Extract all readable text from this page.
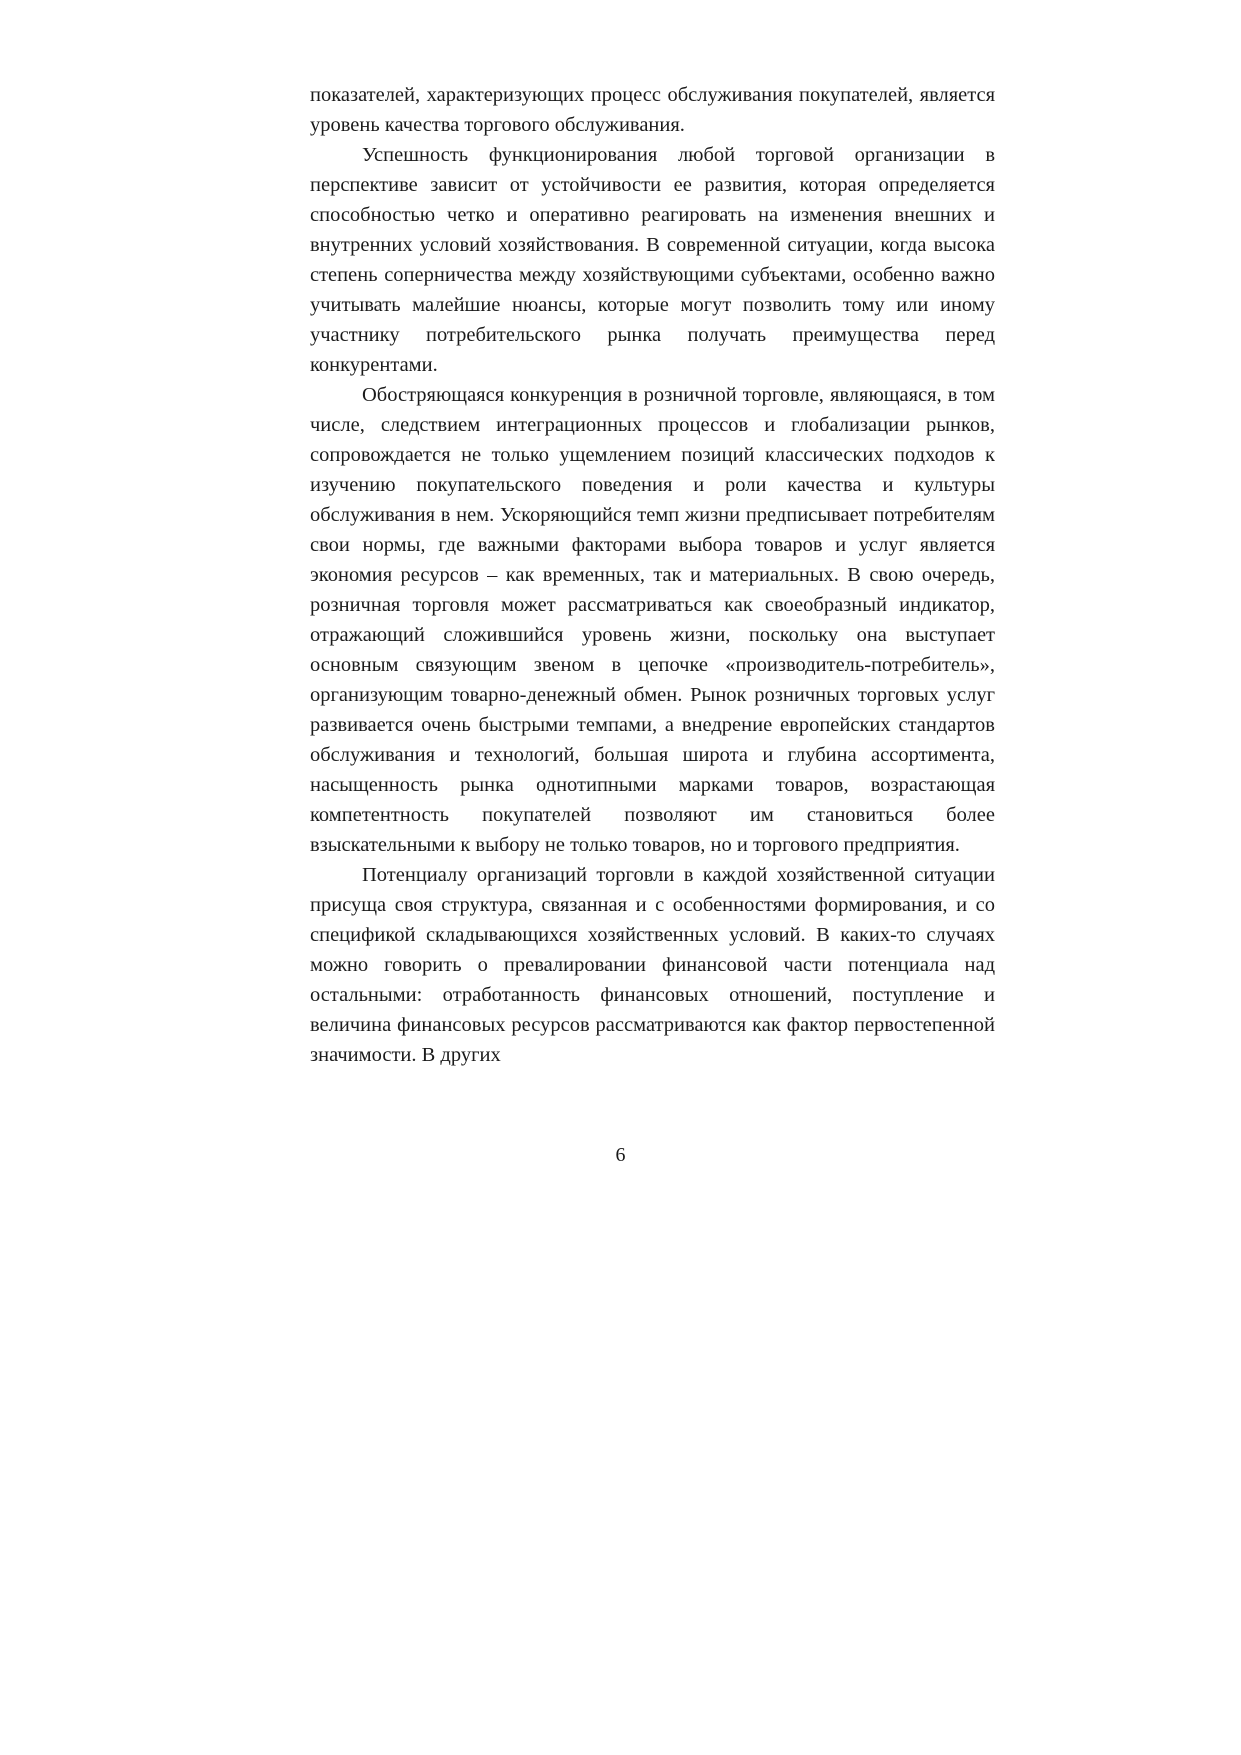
показателей, характеризующих процесс обслуживания покупателей, является уровень качества торгового обслуживания.

Успешность функционирования любой торговой организации в перспективе зависит от устойчивости ее развития, которая определяется способностью четко и оперативно реагировать на изменения внешних и внутренних условий хозяйствования. В современной ситуации, когда высока степень соперничества между хозяйствующими субъектами, особенно важно учитывать малейшие нюансы, которые могут позволить тому или иному участнику потребительского рынка получать преимущества перед конкурентами.

Обостряющаяся конкуренция в розничной торговле, являющаяся, в том числе, следствием интеграционных процессов и глобализации рынков, сопровождается не только ущемлением позиций классических подходов к изучению покупательского поведения и роли качества и культуры обслуживания в нем. Ускоряющийся темп жизни предписывает потребителям свои нормы, где важными факторами выбора товаров и услуг является экономия ресурсов – как временных, так и материальных. В свою очередь, розничная торговля может рассматриваться как своеобразный индикатор, отражающий сложившийся уровень жизни, поскольку она выступает основным связующим звеном в цепочке «производитель-потребитель», организующим товарно-денежный обмен. Рынок розничных торговых услуг развивается очень быстрыми темпами, а внедрение европейских стандартов обслуживания и технологий, большая широта и глубина ассортимента, насыщенность рынка однотипными марками товаров, возрастающая компетентность покупателей позволяют им становиться более взыскательными к выбору не только товаров, но и торгового предприятия.

Потенциалу организаций торговли в каждой хозяйственной ситуации присуща своя структура, связанная и с особенностями формирования, и со спецификой складывающихся хозяйственных условий. В каких-то случаях можно говорить о превалировании финансовой части потенциала над остальными: отработанность финансовых отношений, поступление и величина финансовых ресурсов рассматриваются как фактор первостепенной значимости. В других

6
